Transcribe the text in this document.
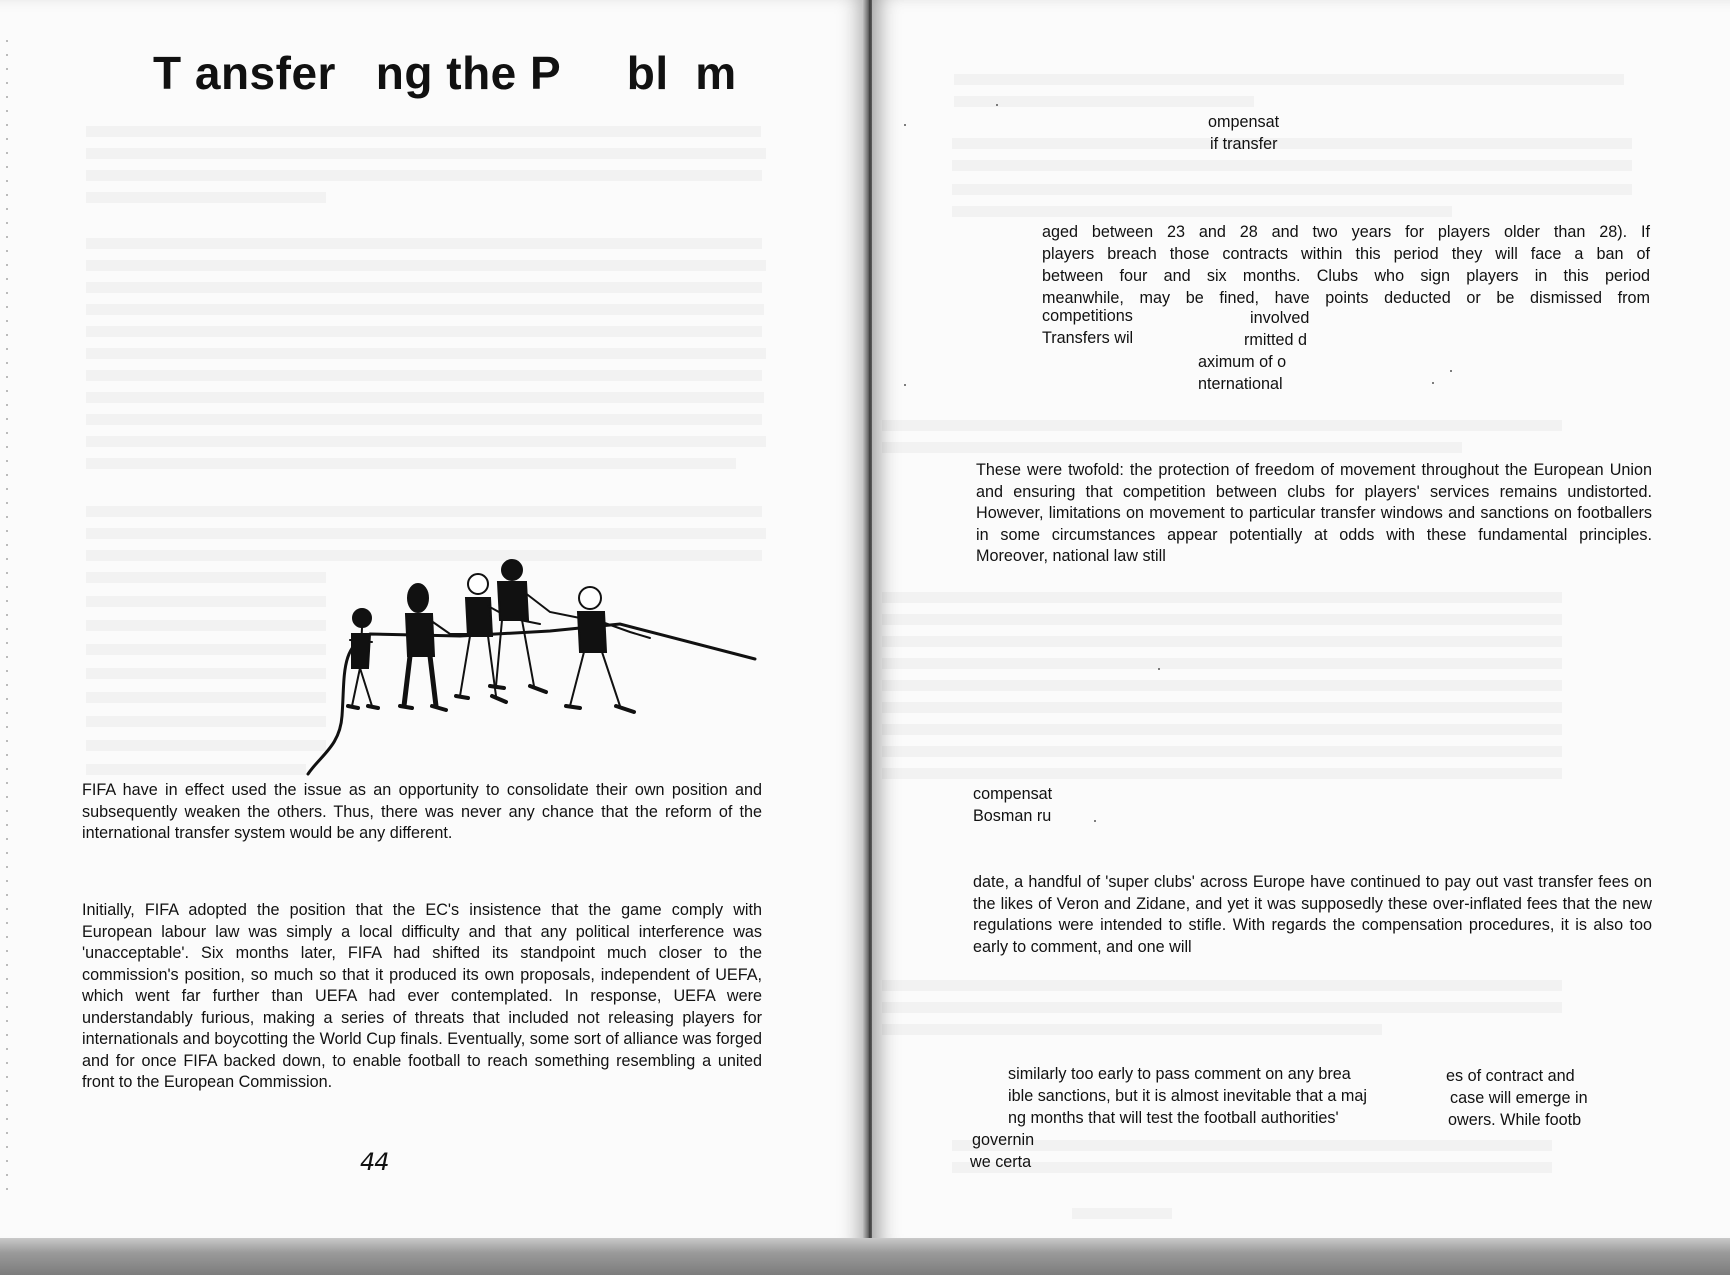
T ansfer   ng the P     bl  m

FIFA have in effect used the issue as an opportunity to consolidate their own position and subsequently weaken the others. Thus, there was never any chance that the reform of the international transfer system would be any different.

Initially, FIFA adopted the position that the EC's insistence that the game comply with European labour law was simply a local difficulty and that any political interference was 'unacceptable'. Six months later, FIFA had shifted its standpoint much closer to the commission's position, so much so that it produced its own proposals, independent of UEFA, which went far further than UEFA had ever contemplated. In response, UEFA were understandably furious, making a series of threats that included not releasing players for internationals and boycotting the World Cup finals. Eventually, some sort of alliance was forged and for once FIFA backed down, to enable football to reach something resembling a united front to the European Commission.

44

ompensat

if transfer

aged between 23 and 28 and two years for players older than 28). If

players breach those contracts within this period they will face a ban of

between four and six months. Clubs who sign players in this period

meanwhile, may be fined, have points deducted or be dismissed from

competitions	involved

Transfers wil	rmitted d

aximum of o

nternational

These were twofold: the protection of freedom of movement throughout the European Union and ensuring that competition between clubs for players' services remains undistorted. However, limitations on movement to particular transfer windows and sanctions on footballers in some circumstances appear potentially at odds with these fundamental principles. Moreover, national law still

compensat

Bosman ru

date, a handful of 'super clubs' across Europe have continued to pay out vast transfer fees on the likes of Veron and Zidane, and yet it was supposedly these over-inflated fees that the new regulations were intended to stifle. With regards the compensation procedures, it is also too early to comment, and one will

similarly too early to pass comment on any brea	es of contract and

ible sanctions, but it is almost inevitable that a maj	case will emerge in

ng months that will test the football authorities'	owers. While footb

governin

we certa
